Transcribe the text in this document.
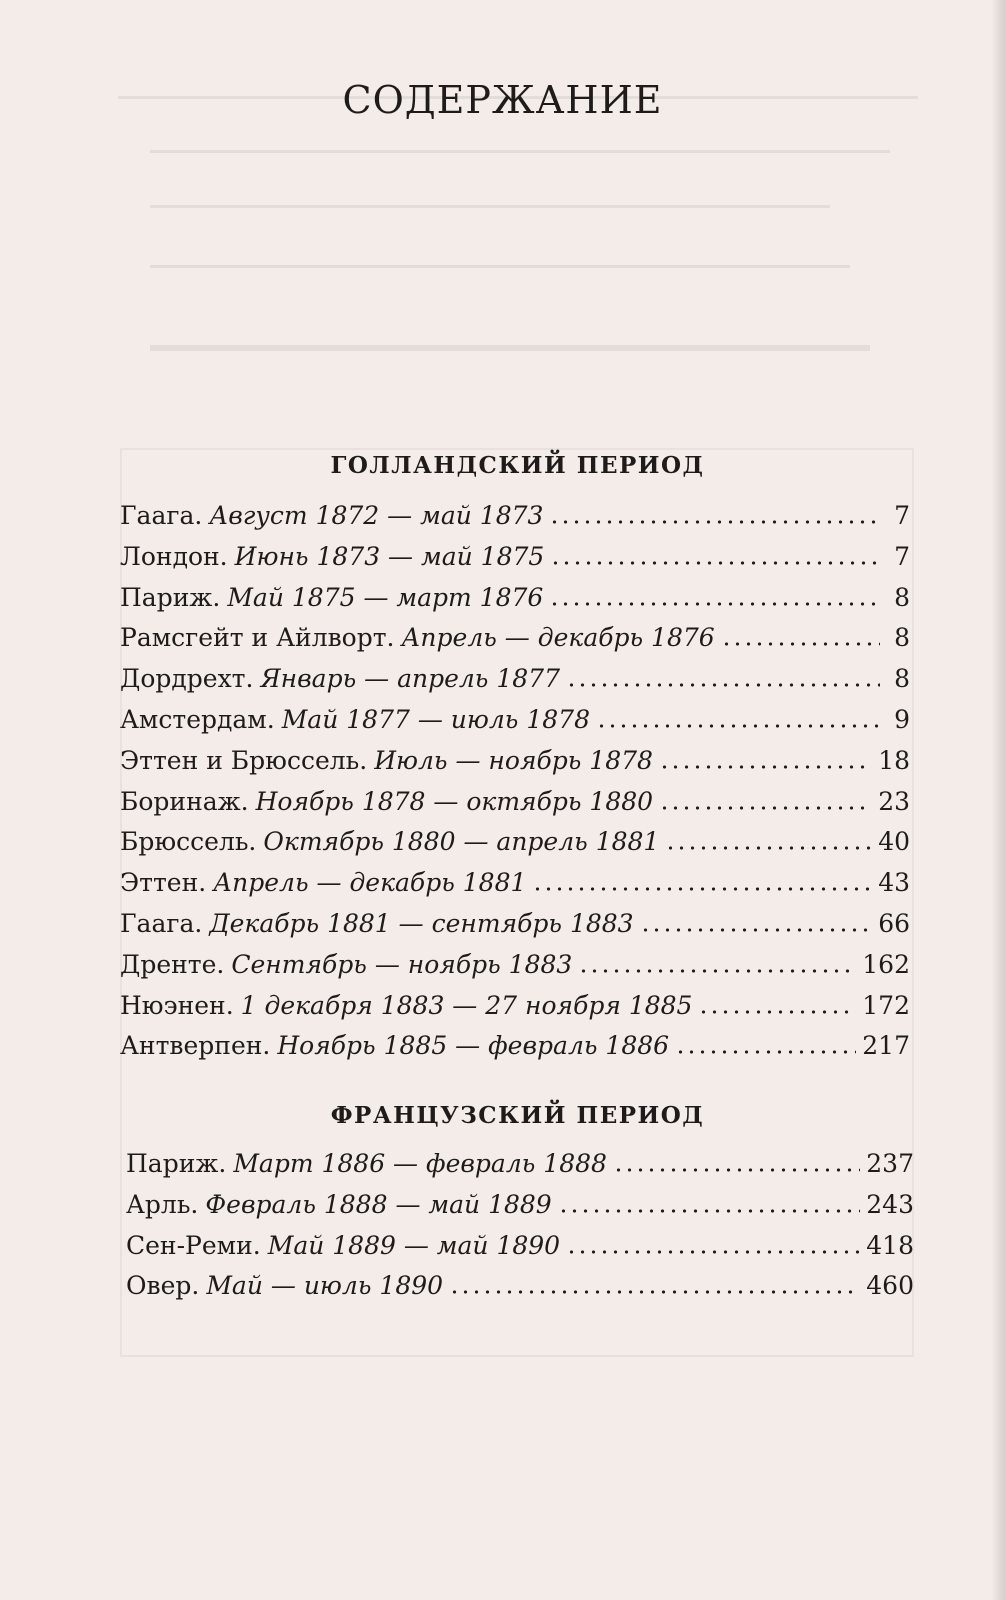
СОДЕРЖАНИЕ
ГОЛЛАНДСКИЙ ПЕРИОД
Гаага. Август 1872 — май 1873	7
Лондон. Июнь 1873 — май 1875	7
Париж. Май 1875 — март 1876	8
Рамсгейт и Айлворт. Апрель — декабрь 1876	8
Дордрехт. Январь — апрель 1877	8
Амстердам. Май 1877 — июль 1878	9
Эттен и Брюссель. Июль — ноябрь 1878	18
Боринаж. Ноябрь 1878 — октябрь 1880	23
Брюссель. Октябрь 1880 — апрель 1881	40
Эттен. Апрель — декабрь 1881	43
Гаага. Декабрь 1881 — сентябрь 1883	66
Дренте. Сентябрь — ноябрь 1883	162
Нюэнен. 1 декабря 1883 — 27 ноября 1885	172
Антверпен. Ноябрь 1885 — февраль 1886	217
ФРАНЦУЗСКИЙ ПЕРИОД
Париж. Март 1886 — февраль 1888	237
Арль. Февраль 1888 — май 1889	243
Сен-Реми. Май 1889 — май 1890	418
Овер. Май — июль 1890	460
